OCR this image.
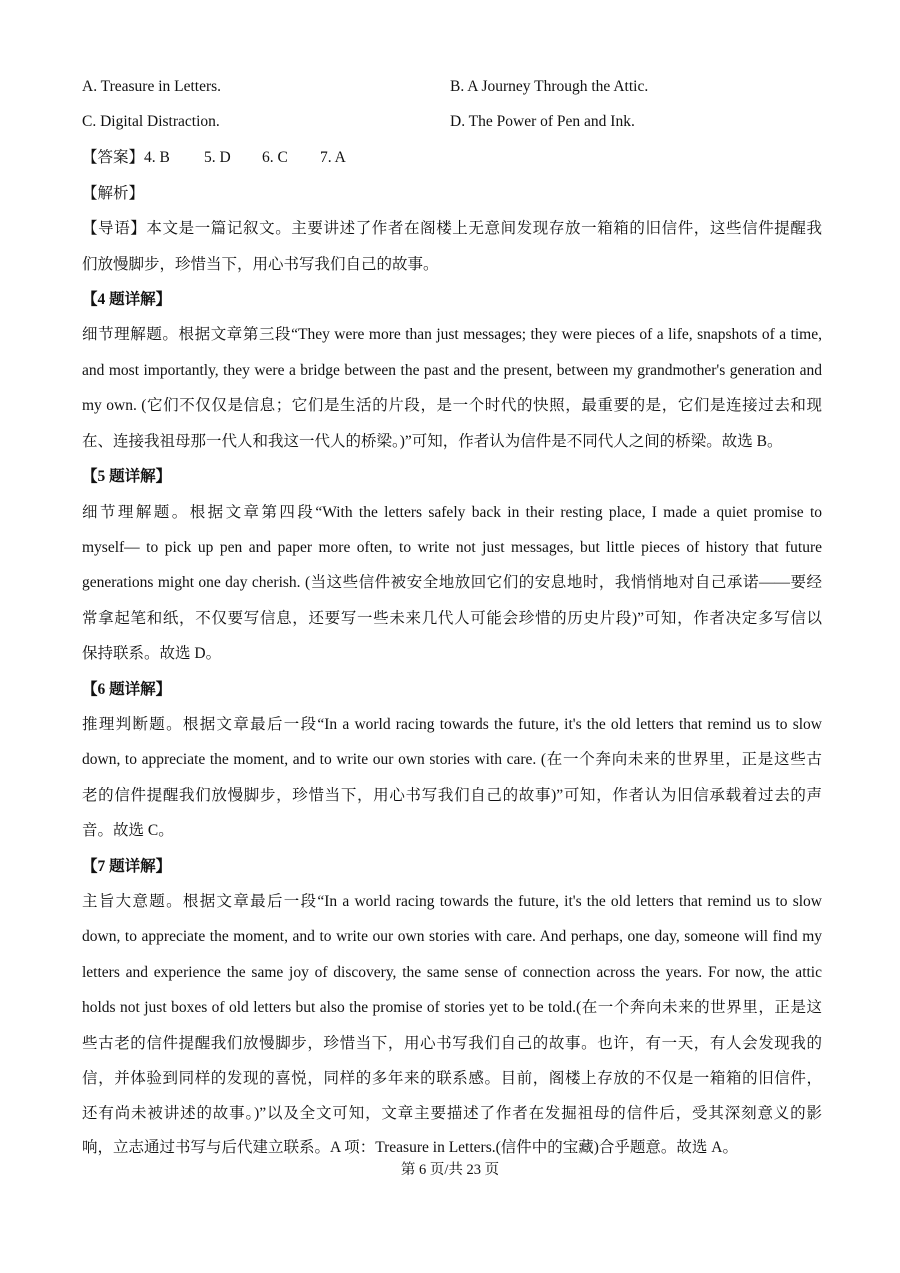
A. Treasure in Letters.	B. A Journey Through the Attic.
C. Digital Distraction.	D. The Power of Pen and Ink.
【答案】4. B 5. D 6. C 7. A
【解析】
【导语】本文是一篇记叙文。主要讲述了作者在阁楼上无意间发现存放一箱箱的旧信件，这些信件提醒我
们放慢脚步，珍惜当下，用心书写我们自己的故事。
【4 题详解】
细节理解题。根据文章第三段“They were more than just messages; they were pieces of a life, snapshots of a time,
and most importantly, they were a bridge between the past and the present, between my grandmother's generation and
my own. (它们不仅仅是信息；它们是生活的片段，是一个时代的快照，最重要的是，它们是连接过去和现
在、连接我祖母那一代人和我这一代人的桥梁。)”可知，作者认为信件是不同代人之间的桥梁。故选 B。
【5 题详解】
细节理解题。根据文章第四段“With the letters safely back in their resting place, I made a quiet promise to
myself— to pick up pen and paper more often, to write not just messages, but little pieces of history that future
generations might one day cherish. (当这些信件被安全地放回它们的安息地时，我悄悄地对自己承诺——要经
常拿起笔和纸，不仅要写信息，还要写一些未来几代人可能会珍惜的历史片段)”可知，作者决定多写信以
保持联系。故选 D。
【6 题详解】
推理判断题。根据文章最后一段“In a world racing towards the future, it's the old letters that remind us to slow
down, to appreciate the moment, and to write our own stories with care. (在一个奔向未来的世界里，正是这些古
老的信件提醒我们放慢脚步，珍惜当下，用心书写我们自己的故事)”可知，作者认为旧信承载着过去的声
音。故选 C。
【7 题详解】
主旨大意题。根据文章最后一段“In a world racing towards the future, it's the old letters that remind us to slow
down, to appreciate the moment, and to write our own stories with care. And perhaps, one day, someone will find my
letters and experience the same joy of discovery, the same sense of connection across the years. For now, the attic
holds not just boxes of old letters but also the promise of stories yet to be told.(在一个奔向未来的世界里，正是这
些古老的信件提醒我们放慢脚步，珍惜当下，用心书写我们自己的故事。也许，有一天，有人会发现我的
信，并体验到同样的发现的喜悦，同样的多年来的联系感。目前，阁楼上存放的不仅是一箱箱的旧信件，
还有尚未被讲述的故事。)”以及全文可知，文章主要描述了作者在发掘祖母的信件后，受其深刻意义的影
响，立志通过书写与后代建立联系。A 项：Treasure in Letters.(信件中的宝藏)合乎题意。故选 A。
第 6 页/共 23 页
